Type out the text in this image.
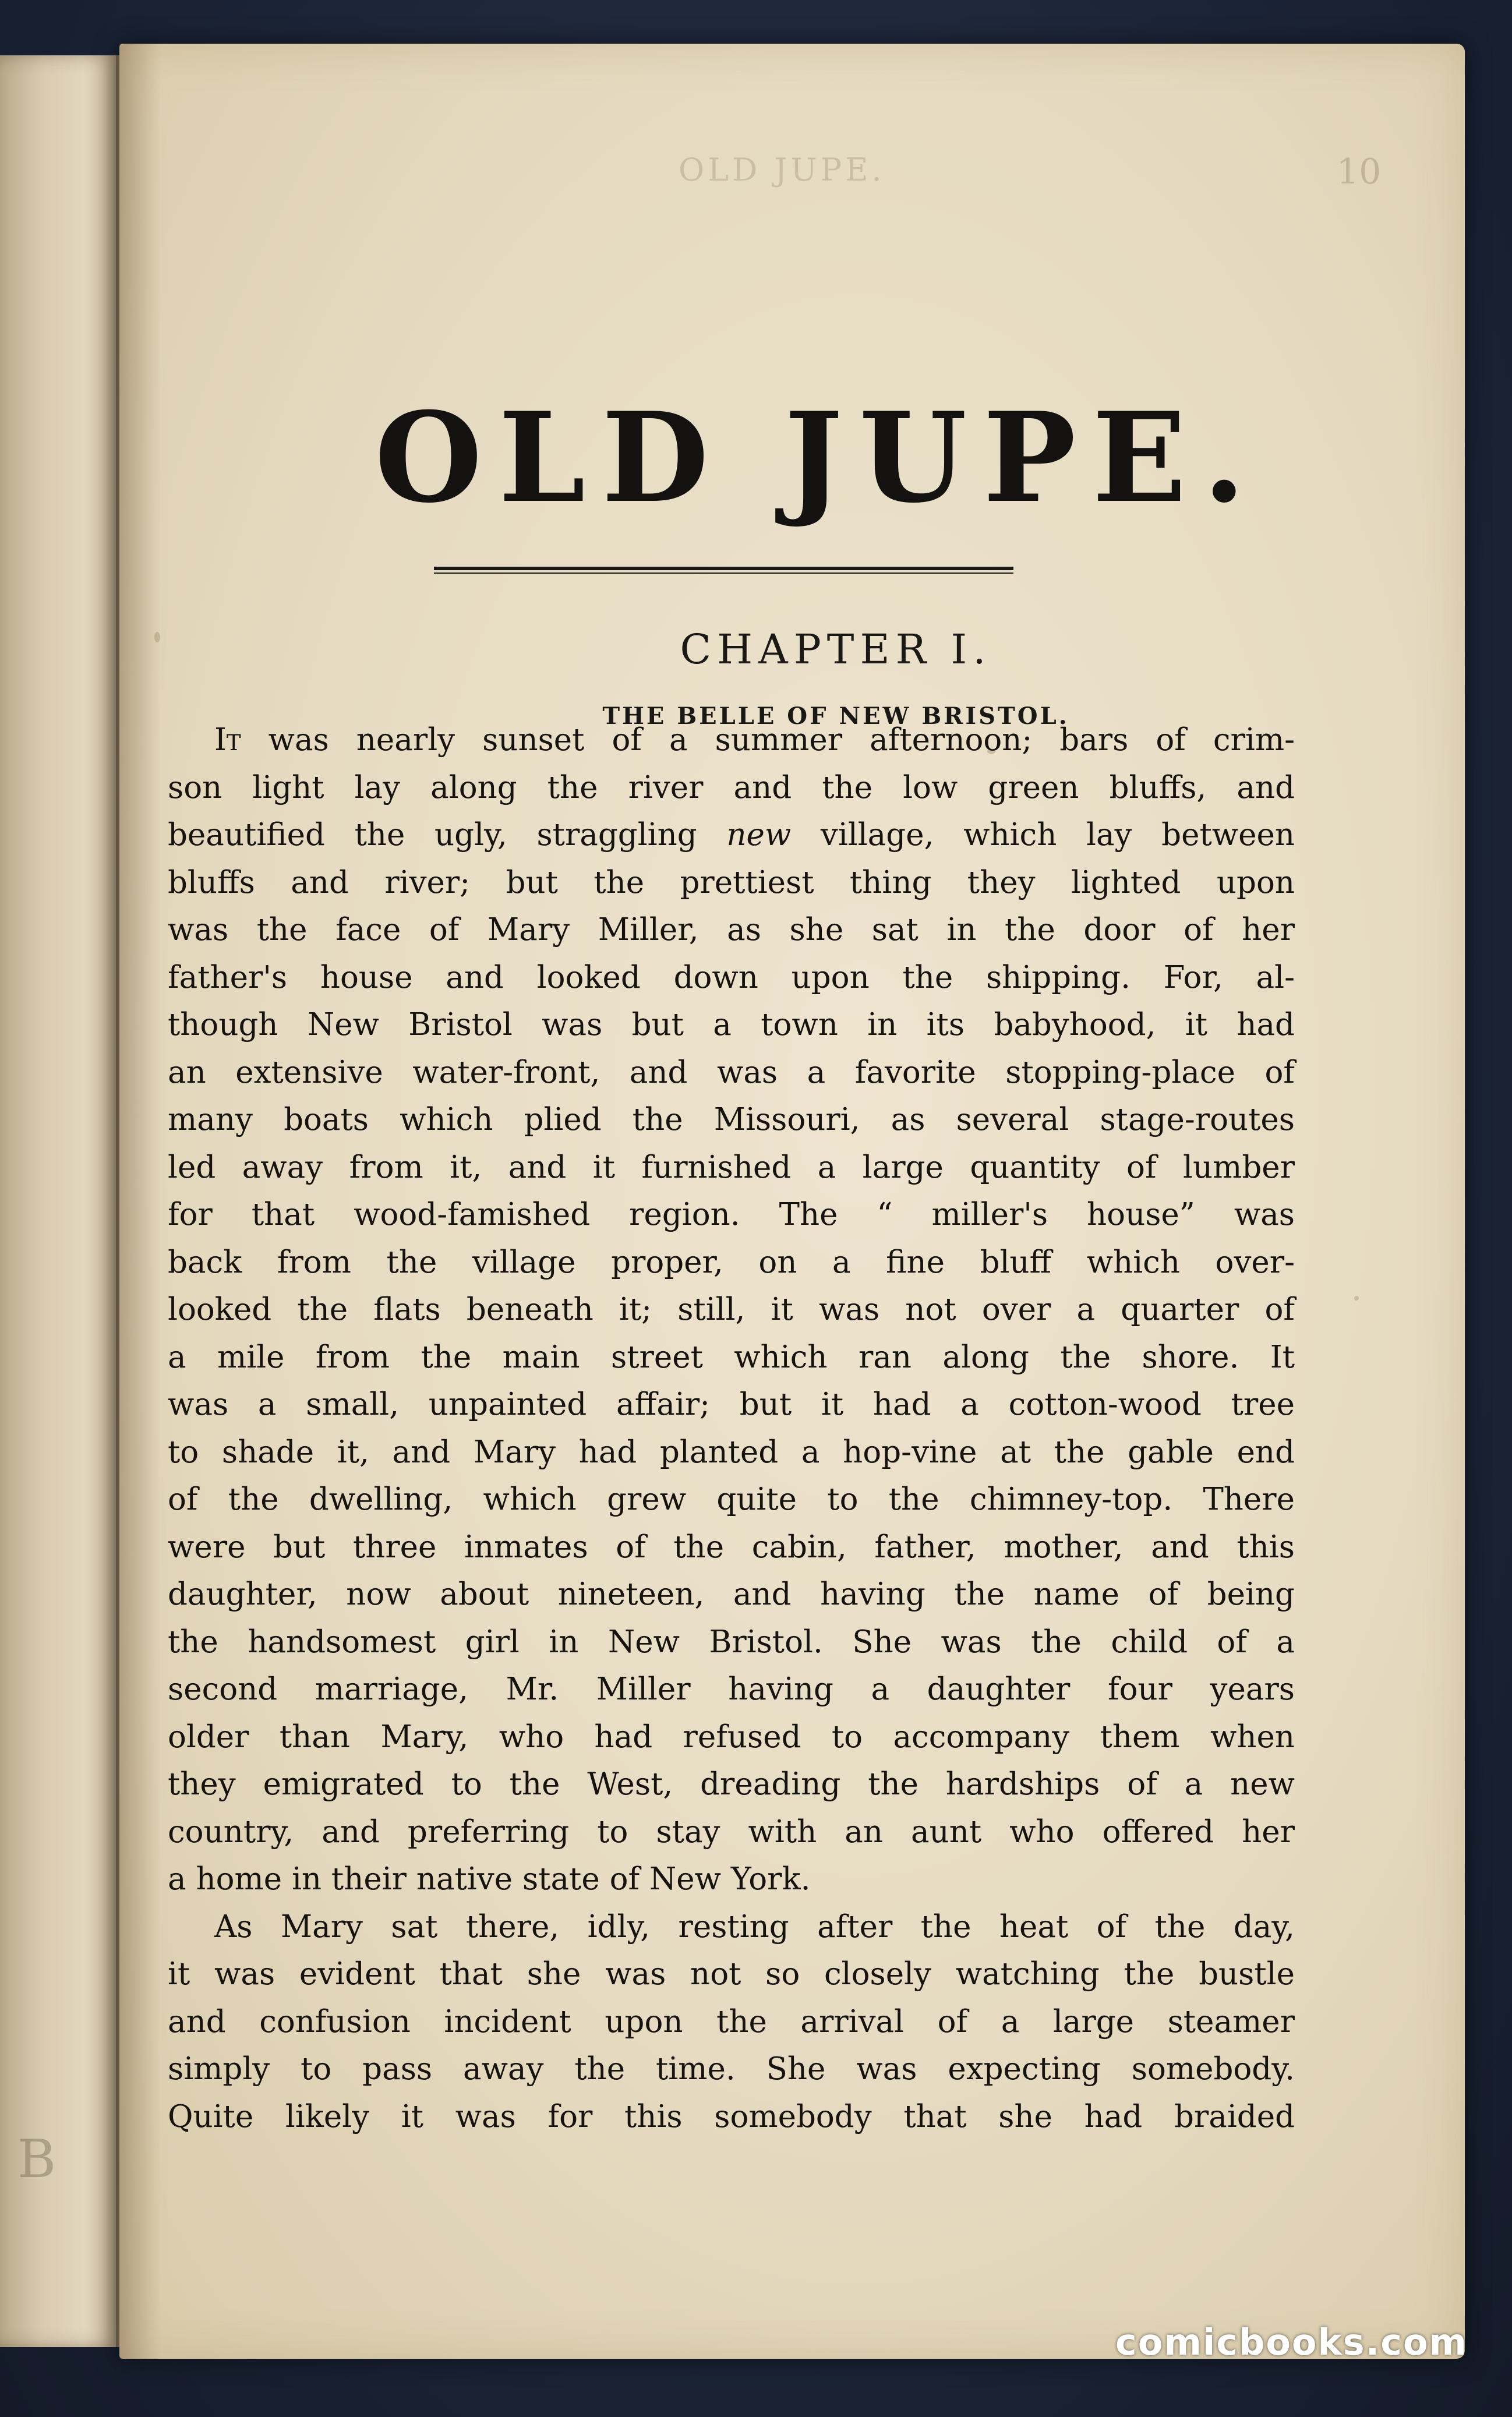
B
OLD JUPE.	10
OLD JUPE.
CHAPTER I.
THE BELLE OF NEW BRISTOL.

It was nearly sunset of a summer afternoon; bars of crim-
son light lay along the river and the low green bluffs, and
beautified the ugly, straggling new village, which lay between
bluffs and river; but the prettiest thing they lighted upon
was the face of Mary Miller, as she sat in the door of her
father's house and looked down upon the shipping. For, al-
though New Bristol was but a town in its babyhood, it had
an extensive water-front, and was a favorite stopping-place of
many boats which plied the Missouri, as several stage-routes
led away from it, and it furnished a large quantity of lumber
for that wood-famished region. The “ miller's house” was
back from the village proper, on a fine bluff which over-
looked the flats beneath it; still, it was not over a quarter of
a mile from the main street which ran along the shore. It
was a small, unpainted affair; but it had a cotton-wood tree
to shade it, and Mary had planted a hop-vine at the gable end
of the dwelling, which grew quite to the chimney-top. There
were but three inmates of the cabin, father, mother, and this
daughter, now about nineteen, and having the name of being
the handsomest girl in New Bristol. She was the child of a
second marriage, Mr. Miller having a daughter four years
older than Mary, who had refused to accompany them when
they emigrated to the West, dreading the hardships of a new
country, and preferring to stay with an aunt who offered her
a home in their native state of New York.

As Mary sat there, idly, resting after the heat of the day,
it was evident that she was not so closely watching the bustle
and confusion incident upon the arrival of a large steamer
simply to pass away the time. She was expecting somebody.
Quite likely it was for this somebody that she had braided

comicbooks.com
